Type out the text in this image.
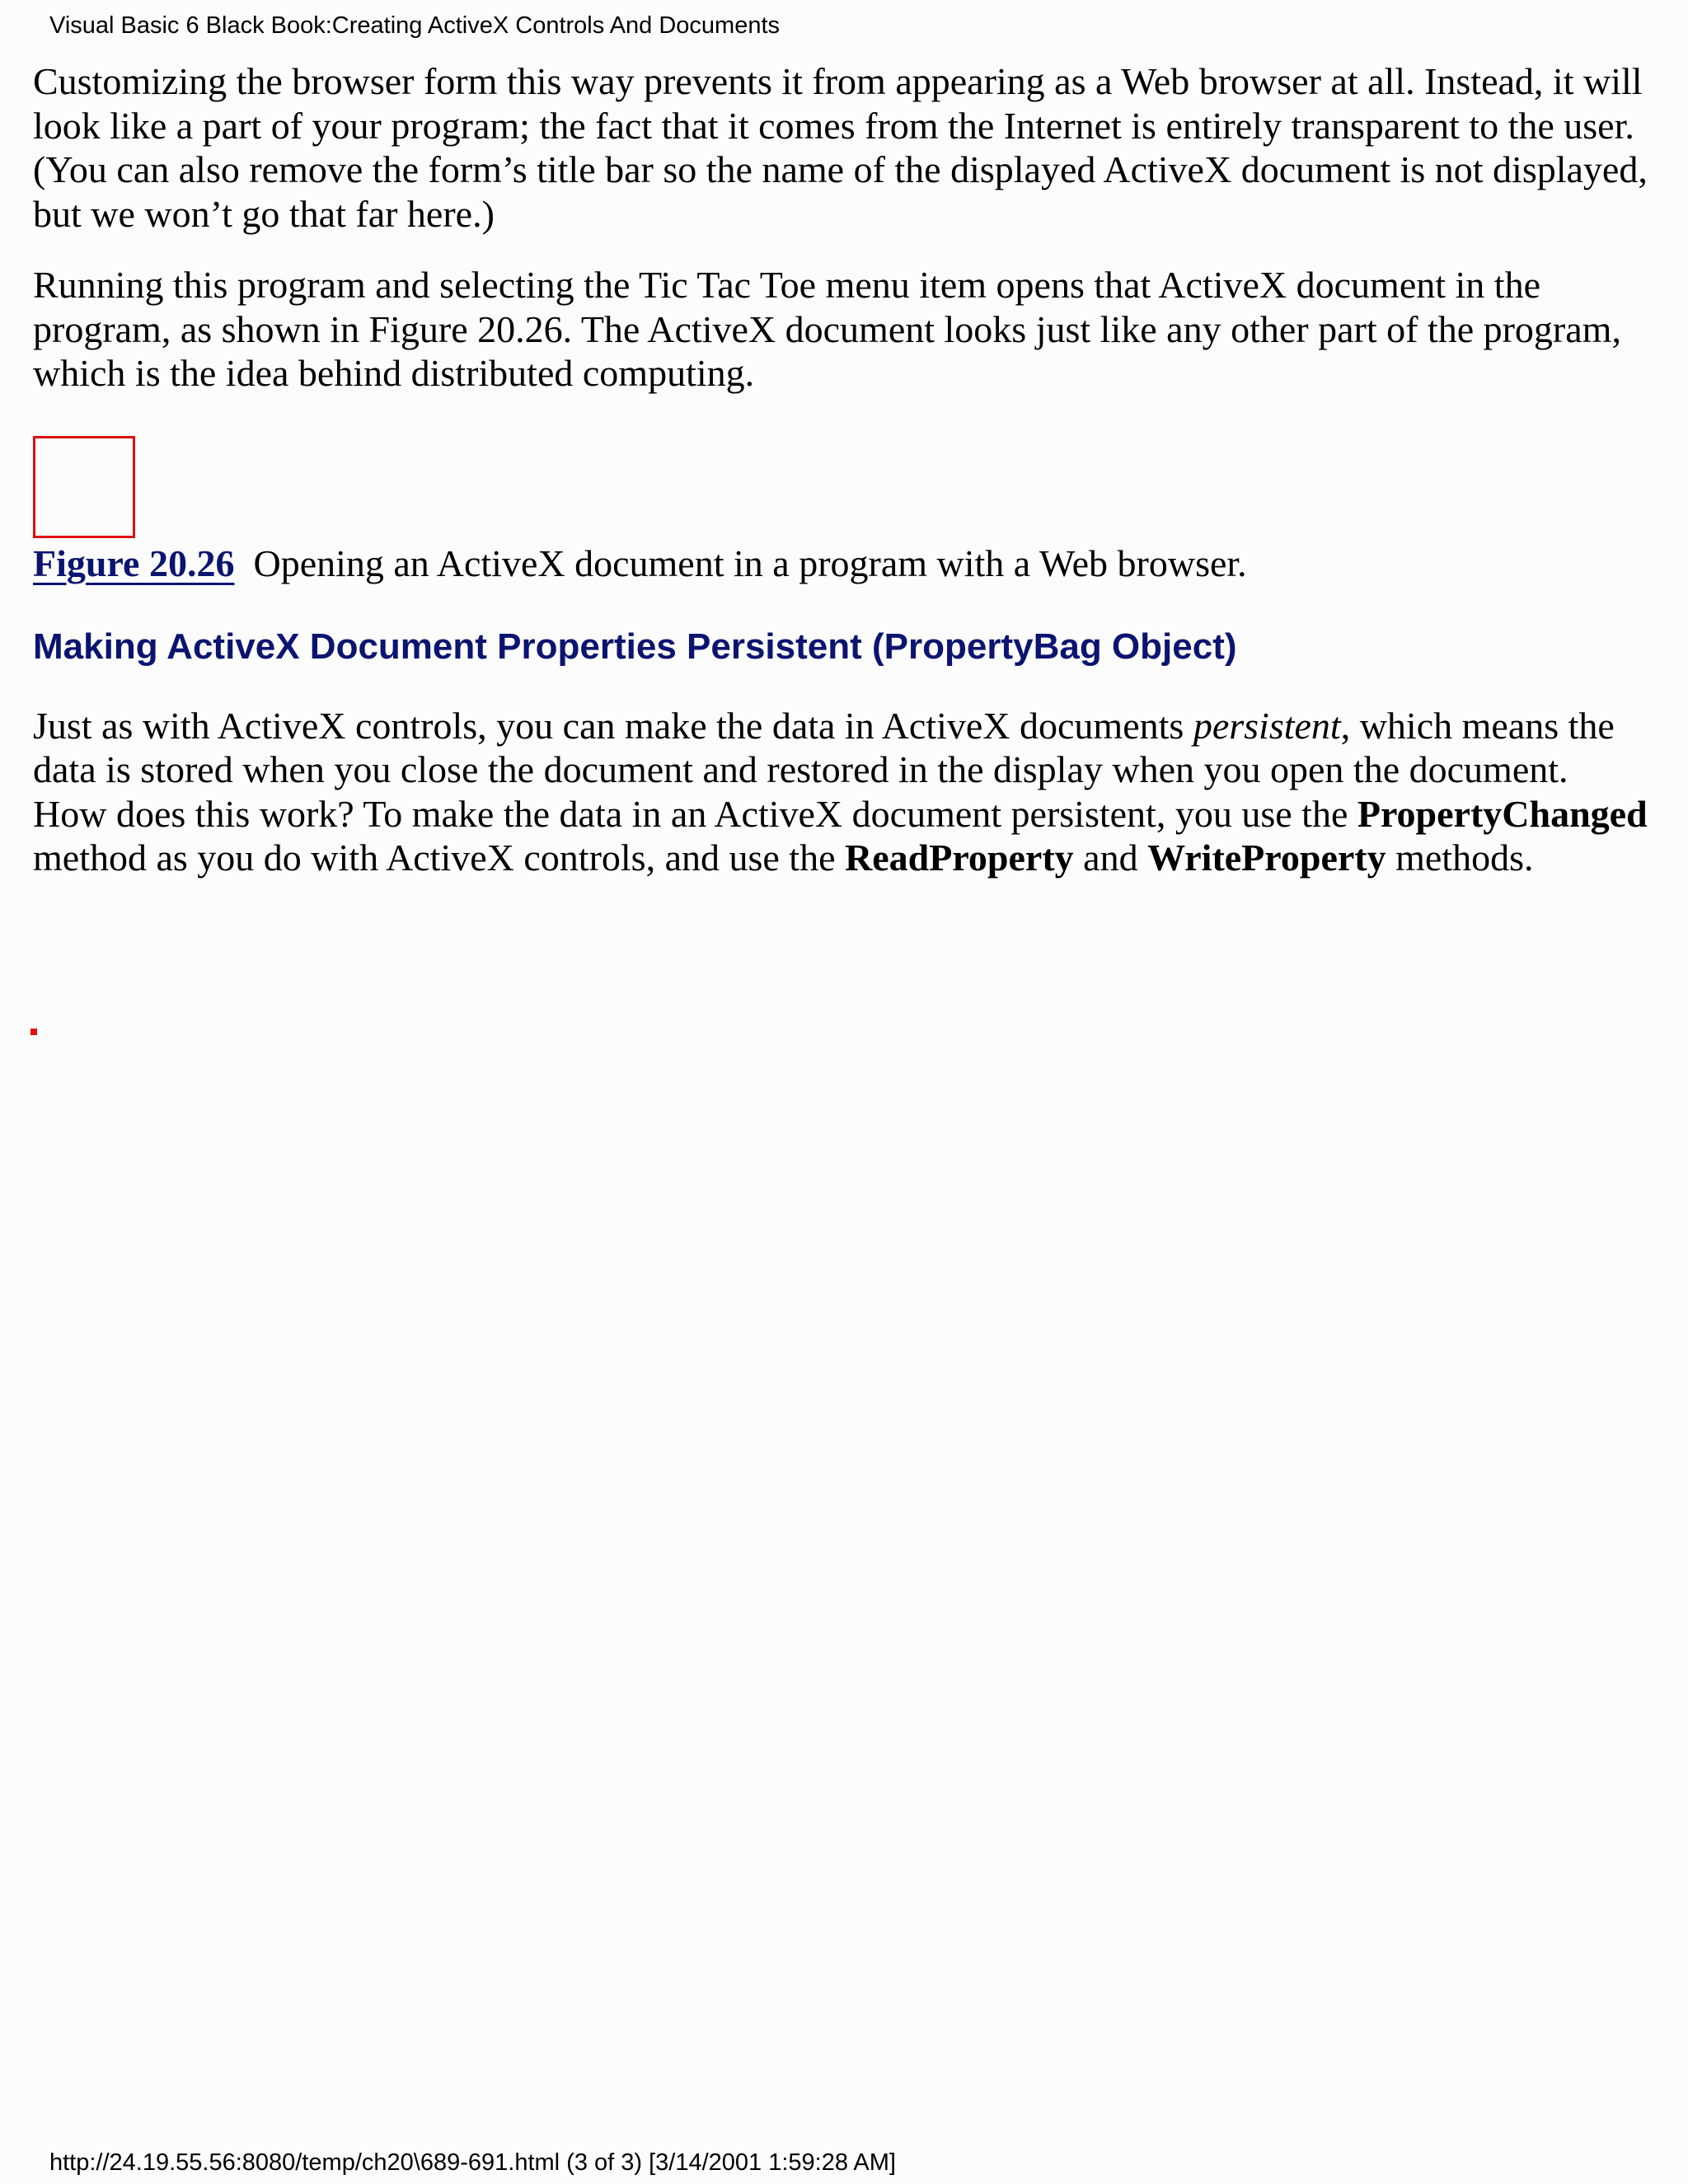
Visual Basic 6 Black Book:Creating ActiveX Controls And Documents

Customizing the browser form this way prevents it from appearing as a Web browser at all. Instead, it will look like a part of your program; the fact that it comes from the Internet is entirely transparent to the user. (You can also remove the form’s title bar so the name of the displayed ActiveX document is not displayed, but we won’t go that far here.)

Running this program and selecting the Tic Tac Toe menu item opens that ActiveX document in the program, as shown in Figure 20.26. The ActiveX document looks just like any other part of the program, which is the idea behind distributed computing.

Figure 20.26 Opening an ActiveX document in a program with a Web browser.

Making ActiveX Document Properties Persistent (PropertyBag Object)

Just as with ActiveX controls, you can make the data in ActiveX documents persistent, which means the data is stored when you close the document and restored in the display when you open the document. How does this work? To make the data in an ActiveX document persistent, you use the PropertyChanged method as you do with ActiveX controls, and use the ReadProperty and WriteProperty methods.

http://24.19.55.56:8080/temp/ch20\689-691.html (3 of 3) [3/14/2001 1:59:28 AM]
